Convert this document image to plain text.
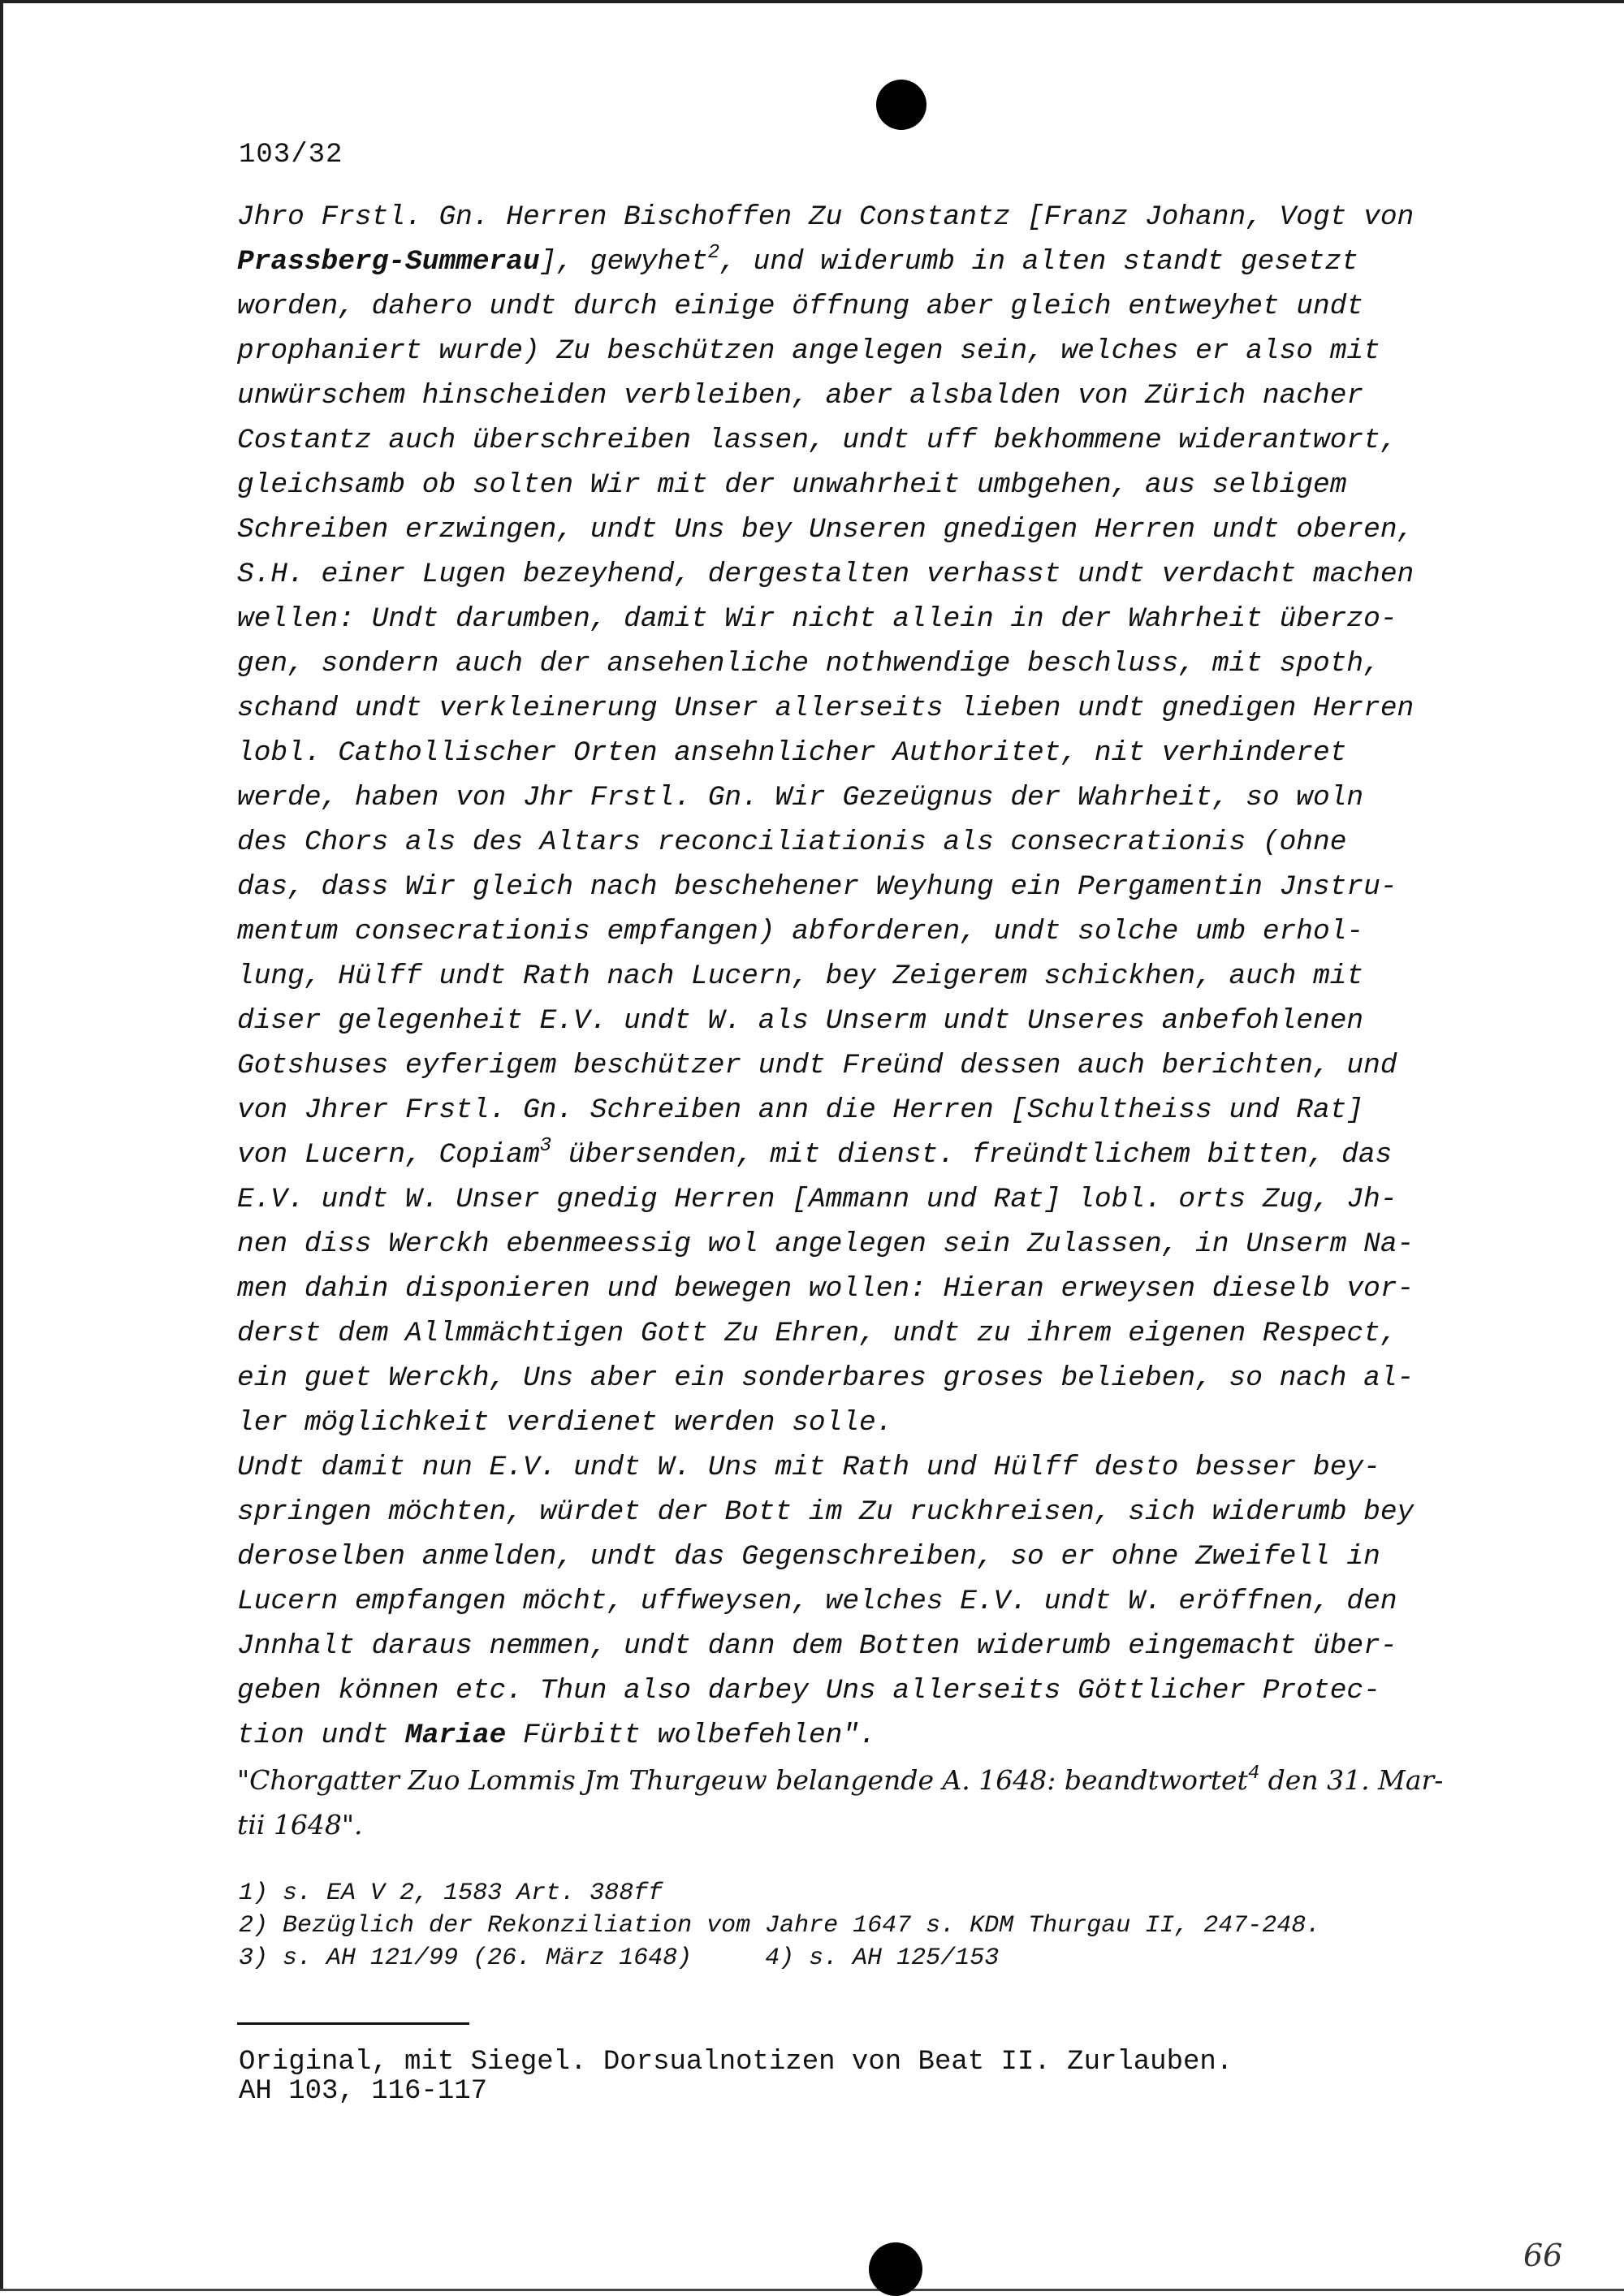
103/32
Jhro Frstl. Gn. Herren Bischoffen Zu Constantz [Franz Johann, Vogt von
Prassberg-Summerau], gewyhet$^2$, und widerumb in alten standt gesetzt
worden, dahero undt durch einige öffnung aber gleich entweyhet undt
prophaniert wurde) Zu beschützen angelegen sein, welches er also mit
unwürschem hinscheiden verbleiben, aber alsbalden von Zürich nacher
Costantz auch überschreiben lassen, undt uff bekhommene widerantwort,
gleichsamb ob solten Wir mit der unwahrheit umbgehen, aus selbigem
Schreiben erzwingen, undt Uns bey Unseren gnedigen Herren undt oberen,
S.H. einer Lugen bezeyhend, dergestalten verhasst undt verdacht machen
wellen: Undt darumben, damit Wir nicht allein in der Wahrheit überzo-
gen, sondern auch der ansehenliche nothwendige beschluss, mit spoth,
schand undt verkleinerung Unser allerseits lieben undt gnedigen Herren
lobl. Cathollischer Orten ansehnlicher Authoritet, nit verhinderet
werde, haben von Jhr Frstl. Gn. Wir Gezeügnus der Wahrheit, so woln
des Chors als des Altars reconciliationis als consecrationis (ohne
das, dass Wir gleich nach beschehener Weyhung ein Pergamentin Jnstru-
mentum consecrationis empfangen) abforderen, undt solche umb erhol-
lung, Hülff undt Rath nach Lucern, bey Zeigerem schickhen, auch mit
diser gelegenheit E.V. undt W. als Unserm undt Unseres anbefohlenen
Gotshuses eyferigem beschützer undt Freünd dessen auch berichten, und
von Jhrer Frstl. Gn. Schreiben ann die Herren [Schultheiss und Rat]
von Lucern, Copiam$^3$ übersenden, mit dienst. freündtlichem bitten, das
E.V. undt W. Unser gnedig Herren [Ammann und Rat] lobl. orts Zug, Jh-
nen diss Werckh ebenmeessig wol angelegen sein Zulassen, in Unserm Na-
men dahin disponieren und bewegen wollen: Hieran erweysen dieselb vor-
derst dem Allmmächtigen Gott Zu Ehren, undt zu ihrem eigenen Respect,
ein guet Werckh, Uns aber ein sonderbares groses belieben, so nach al-
ler möglichkeit verdienet werden solle.
Undt damit nun E.V. undt W. Uns mit Rath und Hülff desto besser bey-
springen möchten, würdet der Bott im Zu ruckhreisen, sich widerumb bey
deroselben anmelden, undt das Gegenschreiben, so er ohne Zweifell in
Lucern empfangen möcht, uffweysen, welches E.V. undt W. eröffnen, den
Jnnhalt daraus nemmen, undt dann dem Botten widerumb eingemacht über-
geben können etc. Thun also darbey Uns allerseits Göttlicher Protec-
tion undt Mariae Fürbitt wolbefehlen".
"Chorgatter Zuo Lommis Jm Thurgeuw belangende A. 1648: beandtwortet$^4$ den 31. Mar-
tii 1648".
1) s. EA V 2, 1583 Art. 388ff
2) Bezüglich der Rekonziliation vom Jahre 1647 s. KDM Thurgau II, 247-248.
3) s. AH 121/99 (26. März 1648)	4) s. AH 125/153
Original, mit Siegel. Dorsualnotizen von Beat II. Zurlauben.
AH 103, 116-117
66
